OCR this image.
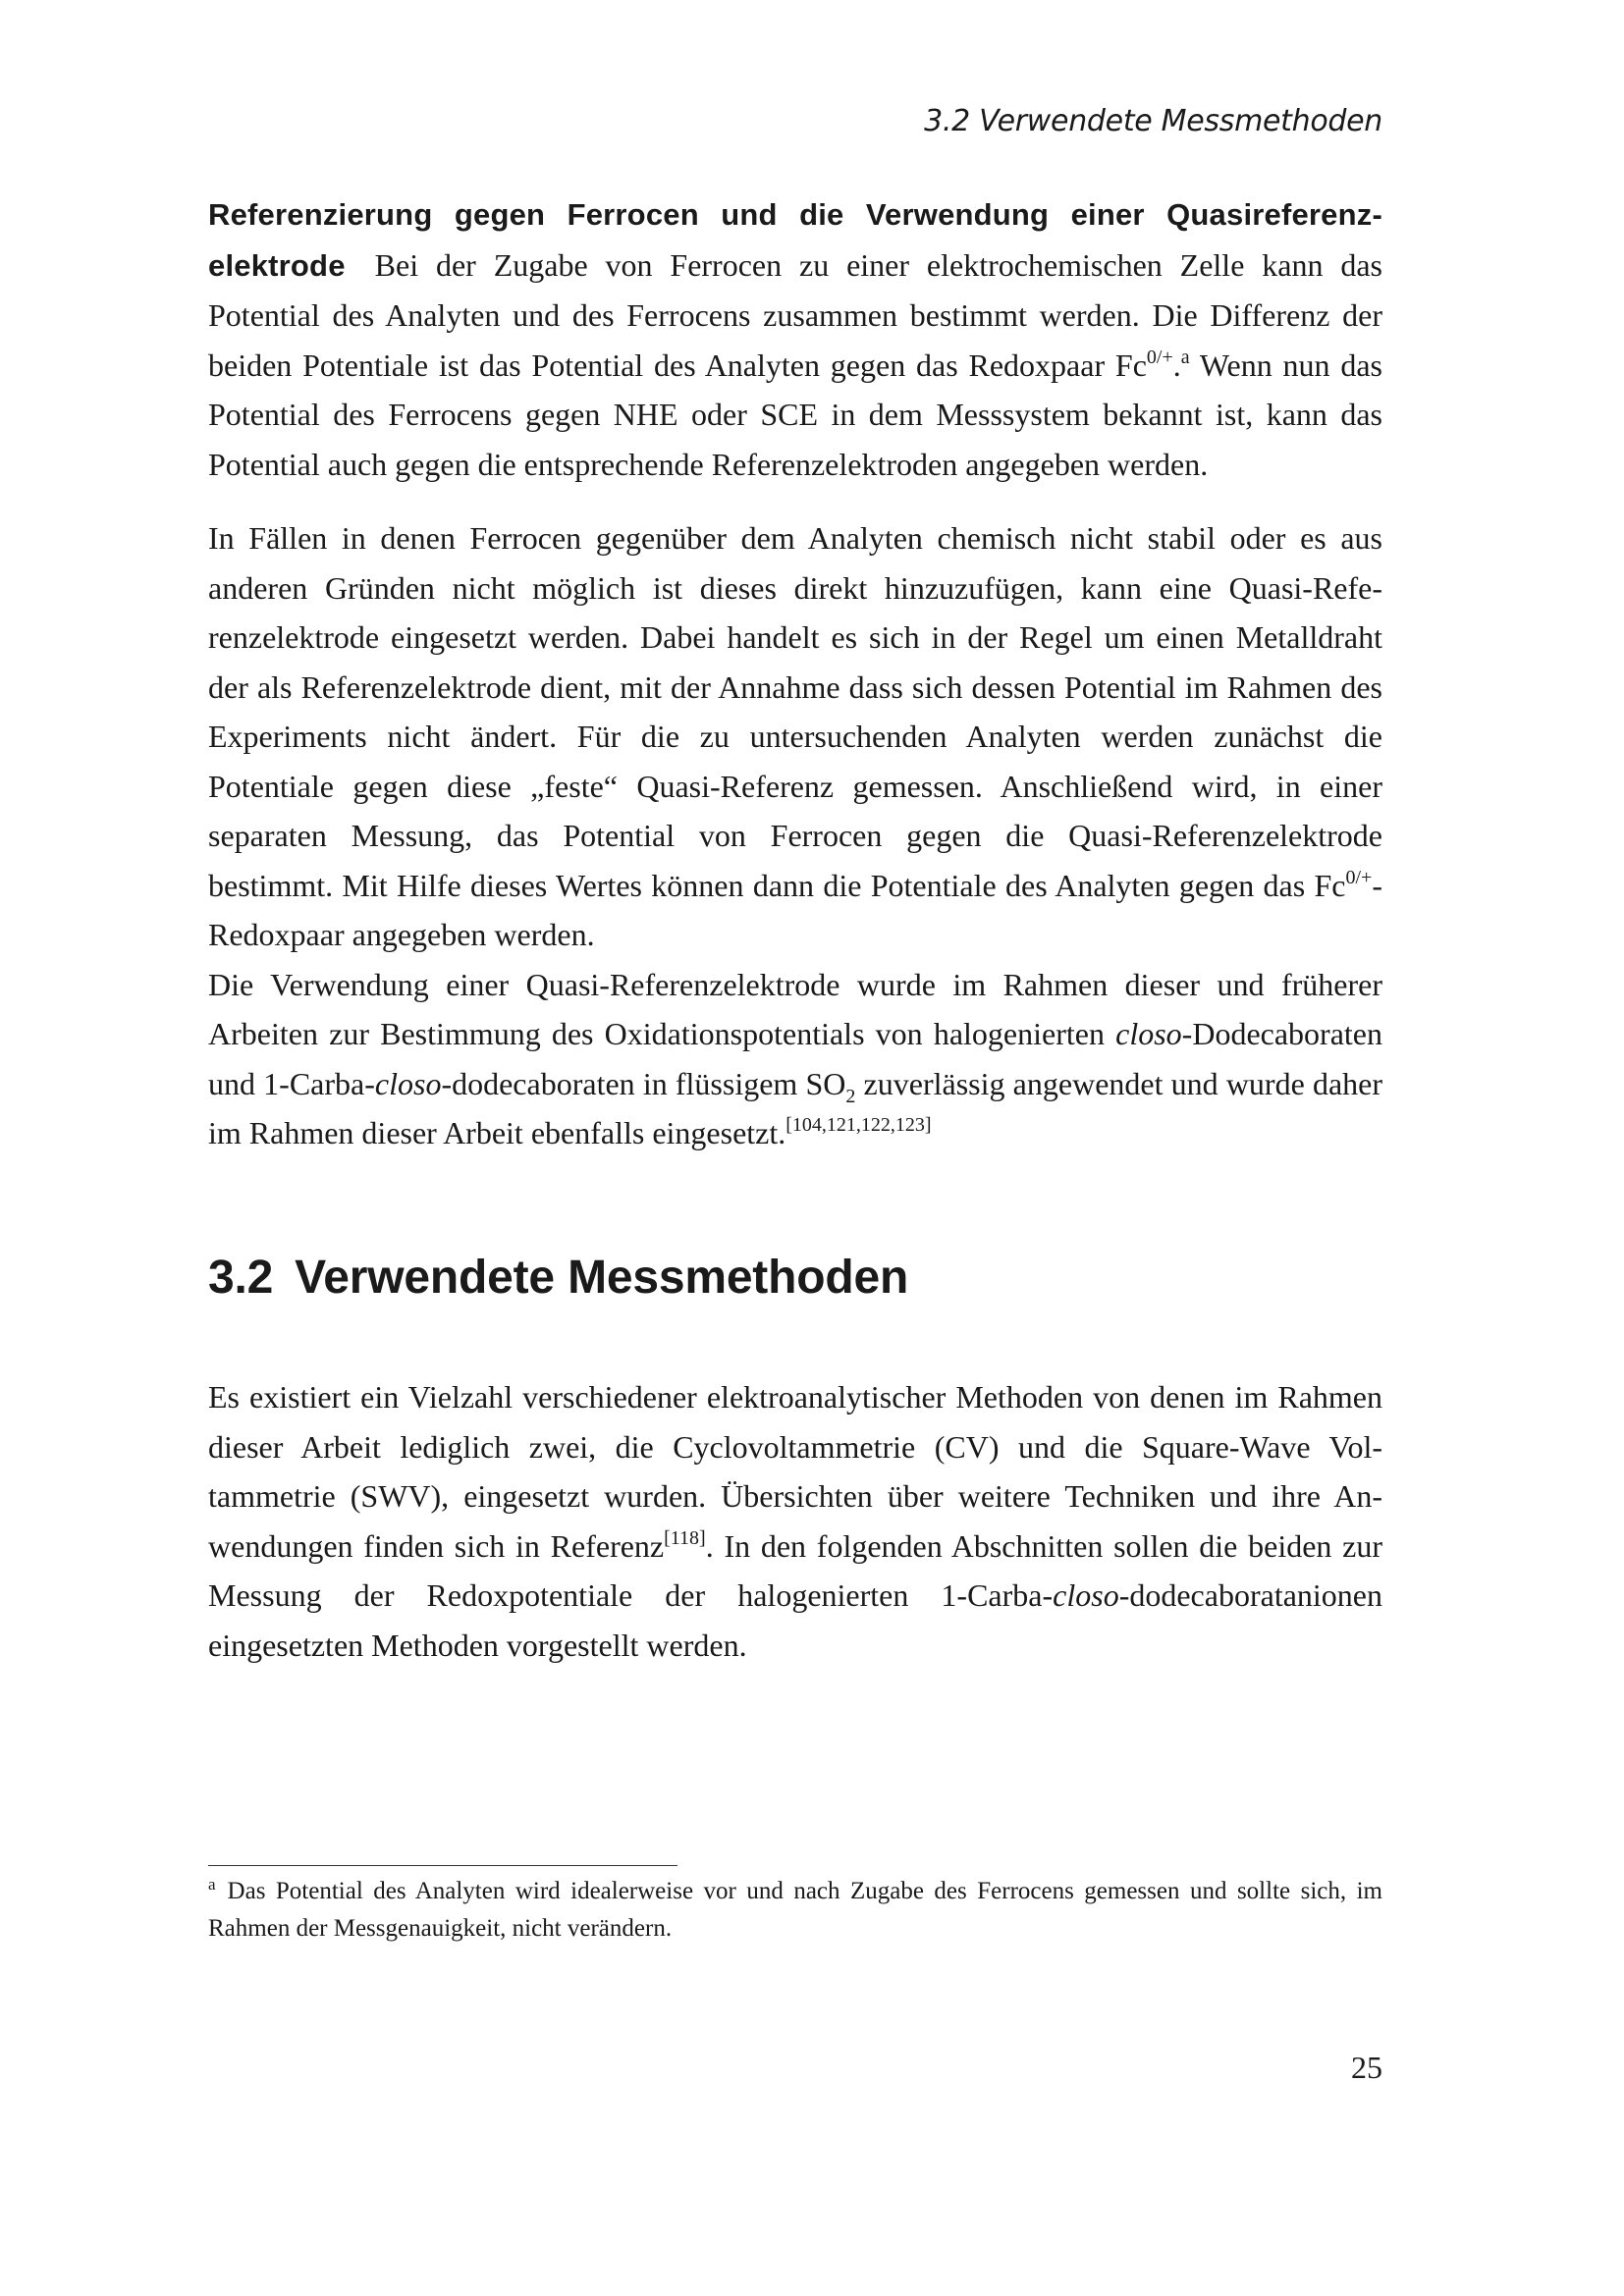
3.2 Verwendete Messmethoden

Referenzierung gegen Ferrocen und die Verwendung einer Quasireferenz-elektrode Bei der Zugabe von Ferrocen zu einer elektrochemischen Zelle kann das Potential des Analyten und des Ferrocens zusammen bestimmt werden. Die Differenz der beiden Potentiale ist das Potential des Analyten gegen das Redoxpaar $Fc^{0/+}.^a$ Wenn nun das Potential des Ferrocens gegen NHE oder SCE in dem Messsystem bekannt ist, kann das Potential auch gegen die entsprechende Referenzelektroden angegeben werden.

In Fällen in denen Ferrocen gegenüber dem Analyten chemisch nicht stabil oder es aus anderen Gründen nicht möglich ist dieses direkt hinzuzufügen, kann eine Quasi-Referenzelektrode eingesetzt werden. Dabei handelt es sich in der Regel um einen Metalldraht der als Referenzelektrode dient, mit der Annahme dass sich dessen Potential im Rahmen des Experiments nicht ändert. Für die zu untersuchenden Analyten werden zunächst die Potentiale gegen diese „feste“ Quasi-Referenz gemessen. Anschließend wird, in einer separaten Messung, das Potential von Ferrocen gegen die Quasi-Referenzelektrode bestimmt. Mit Hilfe dieses Wertes können dann die Potentiale des Analyten gegen das $Fc^{0/+}$-Redoxpaar angegeben werden.

Die Verwendung einer Quasi-Referenzelektrode wurde im Rahmen dieser und früherer Arbeiten zur Bestimmung des Oxidationspotentials von halogenierten closo-Dodecaboraten und 1-Carba-closo-dodecaboraten in flüssigem $SO_2$ zuverlässig angewendet und wurde daher im Rahmen dieser Arbeit ebenfalls eingesetzt.[104,121,122,123]

3.2 Verwendete Messmethoden

Es existiert ein Vielzahl verschiedener elektroanalytischer Methoden von denen im Rahmen dieser Arbeit lediglich zwei, die Cyclovoltammetrie (CV) und die Square-Wave Voltammetrie (SWV), eingesetzt wurden. Übersichten über weitere Techniken und ihre Anwendungen finden sich in Referenz[118]. In den folgenden Abschnitten sollen die beiden zur Messung der Redoxpotentiale der halogenierten 1-Carba-closo-dodecaboratanionen eingesetzten Methoden vorgestellt werden.

$^a$ Das Potential des Analyten wird idealerweise vor und nach Zugabe des Ferrocens gemessen und sollte sich, im Rahmen der Messgenauigkeit, nicht verändern.
25
